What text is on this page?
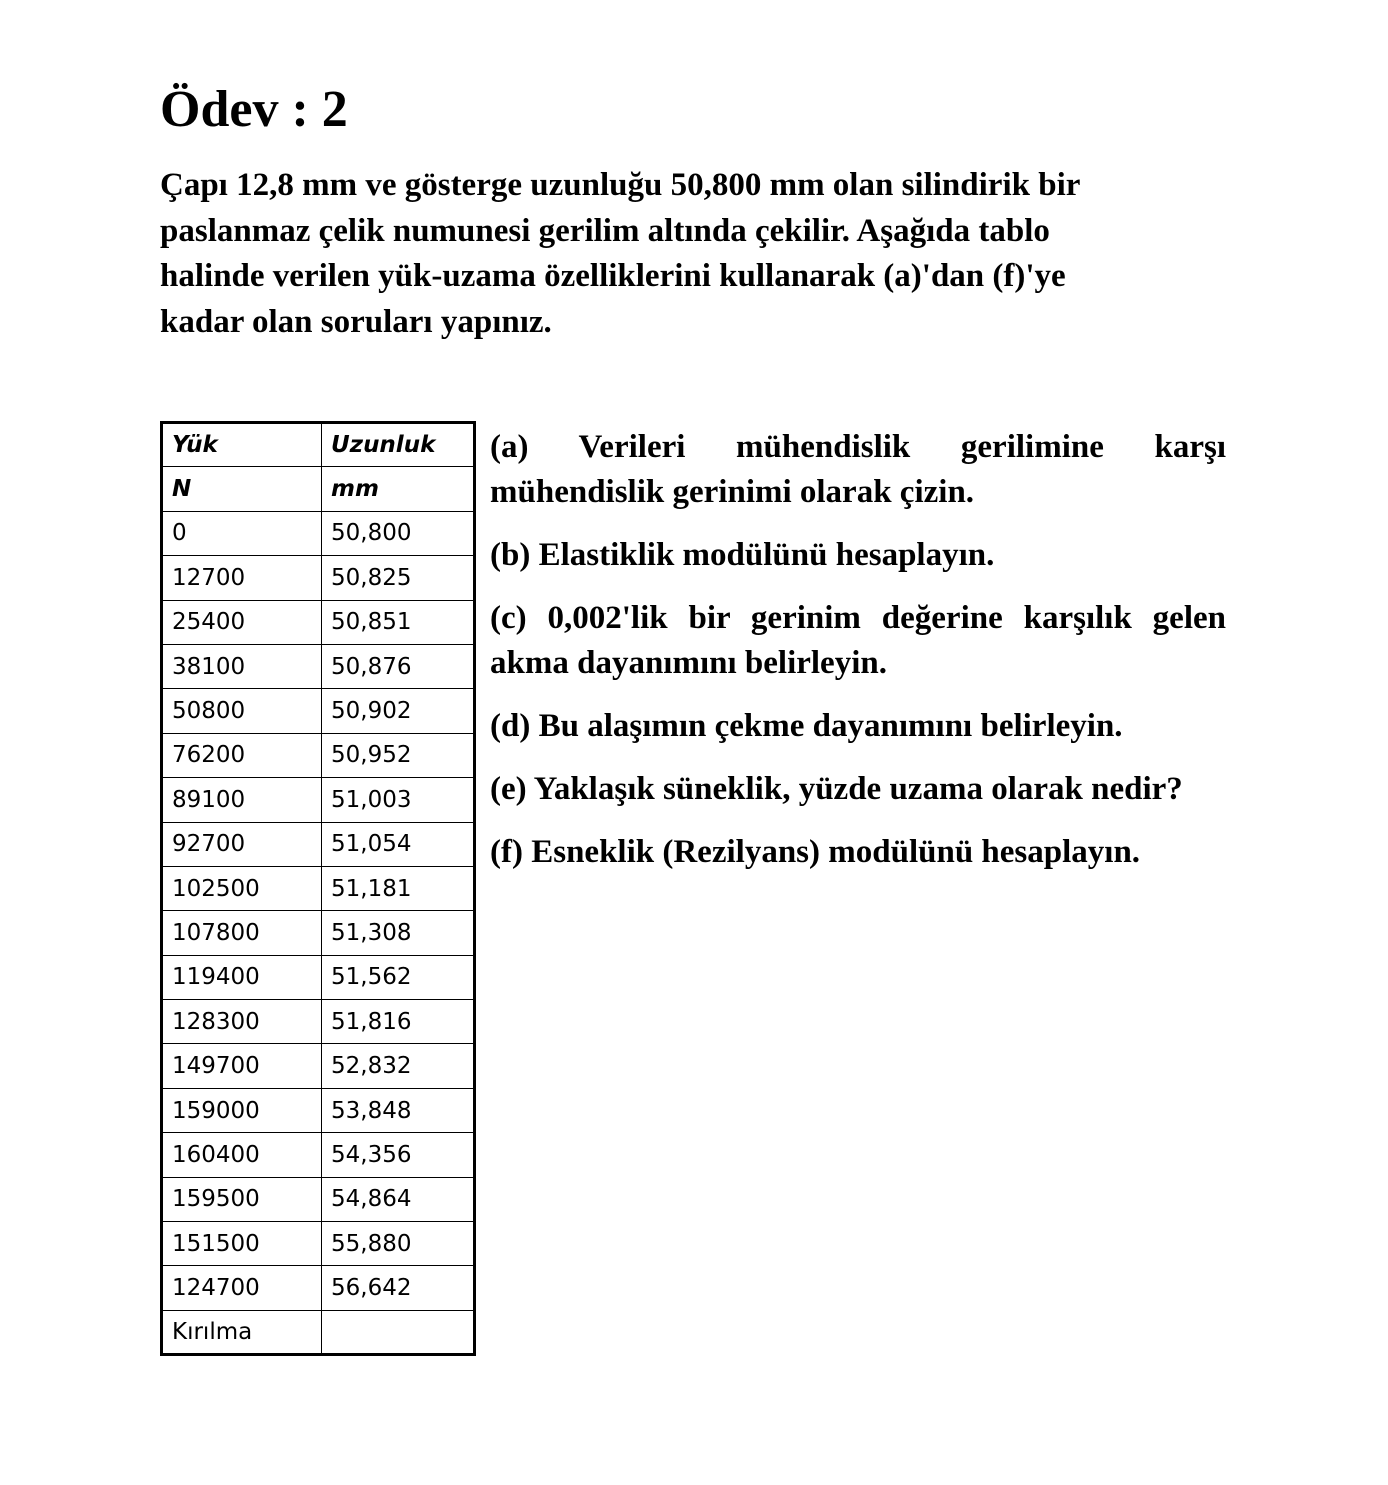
Ödev : 2
Çapı 12,8 mm ve gösterge uzunluğu 50,800 mm olan silindirik bir
paslanmaz çelik numunesi gerilim altında çekilir. Aşağıda tablo
halinde verilen yük-uzama özelliklerini kullanarak (a)'dan (f)'ye
kadar olan soruları yapınız.
Yük	Uzunluk
N	mm
0	50,800
12700	50,825
25400	50,851
38100	50,876
50800	50,902
76200	50,952
89100	51,003
92700	51,054
102500	51,181
107800	51,308
119400	51,562
128300	51,816
149700	52,832
159000	53,848
160400	54,356
159500	54,864
151500	55,880
124700	56,642
Kırılma	

(a) Verileri mühendislik gerilimine karşı mühendislik gerinimi olarak çizin.

(b) Elastiklik modülünü hesaplayın.

(c) 0,002'lik bir gerinim değerine karşılık gelen akma dayanımını belirleyin.

(d) Bu alaşımın çekme dayanımını belirleyin.

(e) Yaklaşık süneklik, yüzde uzama olarak nedir?

(f) Esneklik (Rezilyans) modülünü hesaplayın.
